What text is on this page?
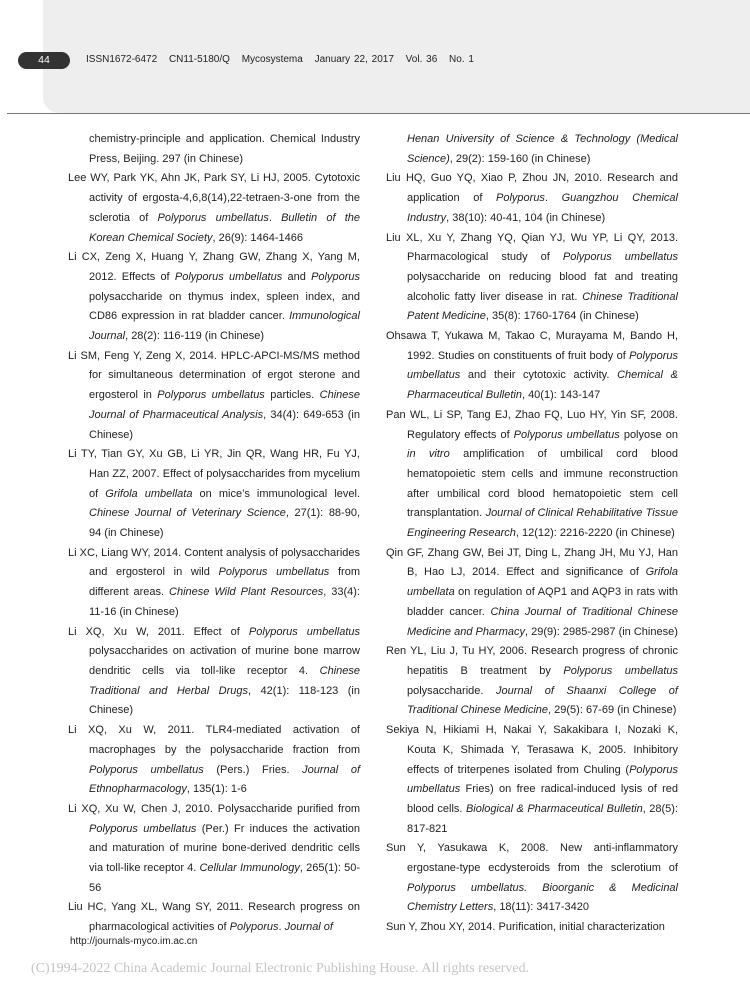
44	ISSN1672-6472 CN11-5180/Q Mycosystema January 22, 2017 Vol. 36 No. 1

chemistry-principle and application. Chemical Industry Press, Beijing. 297 (in Chinese)

Lee WY, Park YK, Ahn JK, Park SY, Li HJ, 2005. Cytotoxic activity of ergosta-4,6,8(14),22-tetraen-3-one from the sclerotia of Polyporus umbellatus. Bulletin of the Korean Chemical Society, 26(9): 1464-1466

Li CX, Zeng X, Huang Y, Zhang GW, Zhang X, Yang M, 2012. Effects of Polyporus umbellatus and Polyporus polysaccharide on thymus index, spleen index, and CD86 expression in rat bladder cancer. Immunological Journal, 28(2): 116-119 (in Chinese)

Li SM, Feng Y, Zeng X, 2014. HPLC-APCI-MS/MS method for simultaneous determination of ergot sterone and ergosterol in Polyporus umbellatus particles. Chinese Journal of Pharmaceutical Analysis, 34(4): 649-653 (in Chinese)

Li TY, Tian GY, Xu GB, Li YR, Jin QR, Wang HR, Fu YJ, Han ZZ, 2007. Effect of polysaccharides from mycelium of Grifola umbellata on mice’s immunological level. Chinese Journal of Veterinary Science, 27(1): 88-90, 94 (in Chinese)

Li XC, Liang WY, 2014. Content analysis of polysaccharides and ergosterol in wild Polyporus umbellatus from different areas. Chinese Wild Plant Resources, 33(4): 11-16 (in Chinese)

Li XQ, Xu W, 2011. Effect of Polyporus umbellatus polysaccharides on activation of murine bone marrow dendritic cells via toll-like receptor 4. Chinese Traditional and Herbal Drugs, 42(1): 118-123 (in Chinese)

Li XQ, Xu W, 2011. TLR4-mediated activation of macrophages by the polysaccharide fraction from Polyporus umbellatus (Pers.) Fries. Journal of Ethnopharmacology, 135(1): 1-6

Li XQ, Xu W, Chen J, 2010. Polysaccharide purified from Polyporus umbellatus (Per.) Fr induces the activation and maturation of murine bone-derived dendritic cells via toll-like receptor 4. Cellular Immunology, 265(1): 50-56

Liu HC, Yang XL, Wang SY, 2011. Research progress on pharmacological activities of Polyporus. Journal of

Henan University of Science & Technology (Medical Science), 29(2): 159-160 (in Chinese)

Liu HQ, Guo YQ, Xiao P, Zhou JN, 2010. Research and application of Polyporus. Guangzhou Chemical Industry, 38(10): 40-41, 104 (in Chinese)

Liu XL, Xu Y, Zhang YQ, Qian YJ, Wu YP, Li QY, 2013. Pharmacological study of Polyporus umbellatus polysaccharide on reducing blood fat and treating alcoholic fatty liver disease in rat. Chinese Traditional Patent Medicine, 35(8): 1760-1764 (in Chinese)

Ohsawa T, Yukawa M, Takao C, Murayama M, Bando H, 1992. Studies on constituents of fruit body of Polyporus umbellatus and their cytotoxic activity. Chemical & Pharmaceutical Bulletin, 40(1): 143-147

Pan WL, Li SP, Tang EJ, Zhao FQ, Luo HY, Yin SF, 2008. Regulatory effects of Polyporus umbellatus polyose on in vitro amplification of umbilical cord blood hematopoietic stem cells and immune reconstruction after umbilical cord blood hematopoietic stem cell transplantation. Journal of Clinical Rehabilitative Tissue Engineering Research, 12(12): 2216-2220 (in Chinese)

Qin GF, Zhang GW, Bei JT, Ding L, Zhang JH, Mu YJ, Han B, Hao LJ, 2014. Effect and significance of Grifola umbellata on regulation of AQP1 and AQP3 in rats with bladder cancer. China Journal of Traditional Chinese Medicine and Pharmacy, 29(9): 2985-2987 (in Chinese)

Ren YL, Liu J, Tu HY, 2006. Research progress of chronic hepatitis B treatment by Polyporus umbellatus polysaccharide. Journal of Shaanxi College of Traditional Chinese Medicine, 29(5): 67-69 (in Chinese)

Sekiya N, Hikiami H, Nakai Y, Sakakibara I, Nozaki K, Kouta K, Shimada Y, Terasawa K, 2005. Inhibitory effects of triterpenes isolated from Chuling (Polyporus umbellatus Fries) on free radical-induced lysis of red blood cells. Biological & Pharmaceutical Bulletin, 28(5): 817-821

Sun Y, Yasukawa K, 2008. New anti-inflammatory ergostane-type ecdysteroids from the sclerotium of Polyporus umbellatus. Bioorganic & Medicinal Chemistry Letters, 18(11): 3417-3420

Sun Y, Zhou XY, 2014. Purification, initial characterization

http://journals-myco.im.ac.cn
(C)1994-2022 China Academic Journal Electronic Publishing House. All rights reserved.
